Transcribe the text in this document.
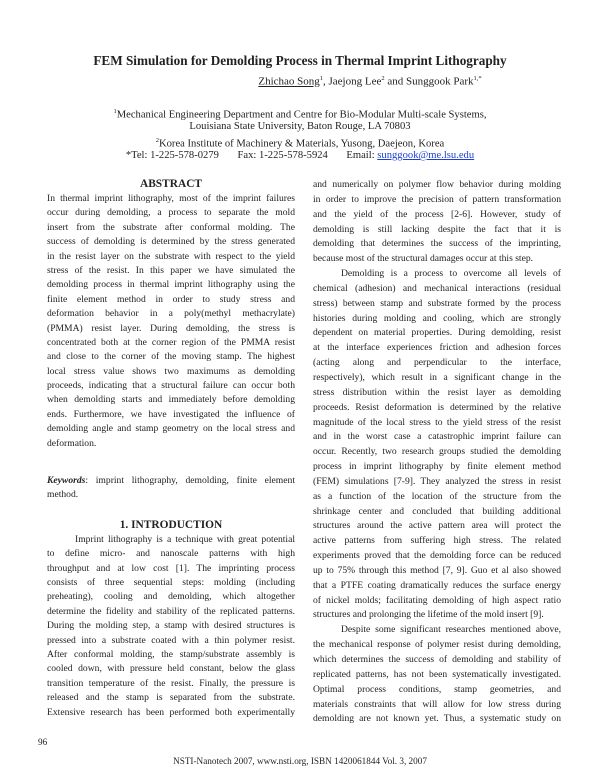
FEM Simulation for Demolding Process in Thermal Imprint Lithography
Zhichao Song$^1$, Jaejong Lee$^2$ and Sunggook Park$^{1,*}$
$^1$Mechanical Engineering Department and Centre for Bio-Modular Multi-scale Systems,
Louisiana State University, Baton Rouge, LA 70803
$^2$Korea Institute of Machinery & Materials, Yusong, Daejeon, Korea
*Tel: 1-225-578-0279 Fax: 1-225-578-5924 Email: sunggook@me.lsu.edu
ABSTRACT
In thermal imprint lithography, most of the imprint failures
occur during demolding, a process to separate the mold
insert from the substrate after conformal molding. The
success of demolding is determined by the stress generated
in the resist layer on the substrate with respect to the yield
stress of the resist. In this paper we have simulated the
demolding process in thermal imprint lithography using the
finite element method in order to study stress and
deformation behavior in a poly(methyl methacrylate)
(PMMA) resist layer. During demolding, the stress is
concentrated both at the corner region of the PMMA resist
and close to the corner of the moving stamp. The highest
local stress value shows two maximums as demolding
proceeds, indicating that a structural failure can occur both
when demolding starts and immediately before demolding
ends. Furthermore, we have investigated the influence of
demolding angle and stamp geometry on the local stress and
deformation.
Keywords: imprint lithography, demolding, finite element
method.
1. INTRODUCTION
Imprint lithography is a technique with great potential
to define micro- and nanoscale patterns with high
throughput and at low cost [1]. The imprinting process
consists of three sequential steps: molding (including
preheating), cooling and demolding, which altogether
determine the fidelity and stability of the replicated patterns.
During the molding step, a stamp with desired structures is
pressed into a substrate coated with a thin polymer resist.
After conformal molding, the stamp/substrate assembly is
cooled down, with pressure held constant, below the glass
transition temperature of the resist. Finally, the pressure is
released and the stamp is separated from the substrate.
Extensive research has been performed both experimentally
and numerically on polymer flow behavior during molding
in order to improve the precision of pattern transformation
and the yield of the process [2-6]. However, study of
demolding is still lacking despite the fact that it is
demolding that determines the success of the imprinting,
because most of the structural damages occur at this step.
Demolding is a process to overcome all levels of
chemical (adhesion) and mechanical interactions (residual
stress) between stamp and substrate formed by the process
histories during molding and cooling, which are strongly
dependent on material properties. During demolding, resist
at the interface experiences friction and adhesion forces
(acting along and perpendicular to the interface,
respectively), which result in a significant change in the
stress distribution within the resist layer as demolding
proceeds. Resist deformation is determined by the relative
magnitude of the local stress to the yield stress of the resist
and in the worst case a catastrophic imprint failure can
occur. Recently, two research groups studied the demolding
process in imprint lithography by finite element method
(FEM) simulations [7-9]. They analyzed the stress in resist
as a function of the location of the structure from the
shrinkage center and concluded that building additional
structures around the active pattern area will protect the
active patterns from suffering high stress. The related
experiments proved that the demolding force can be reduced
up to 75% through this method [7, 9]. Guo et al also showed
that a PTFE coating dramatically reduces the surface energy
of nickel molds; facilitating demolding of high aspect ratio
structures and prolonging the lifetime of the mold insert [9].
Despite some significant researches mentioned above,
the mechanical response of polymer resist during demolding,
which determines the success of demolding and stability of
replicated patterns, has not been systematically investigated.
Optimal process conditions, stamp geometries, and
materials constraints that will allow for low stress during
demolding are not known yet. Thus, a systematic study on
96
NSTI-Nanotech 2007, www.nsti.org, ISBN 1420061844 Vol. 3, 2007
